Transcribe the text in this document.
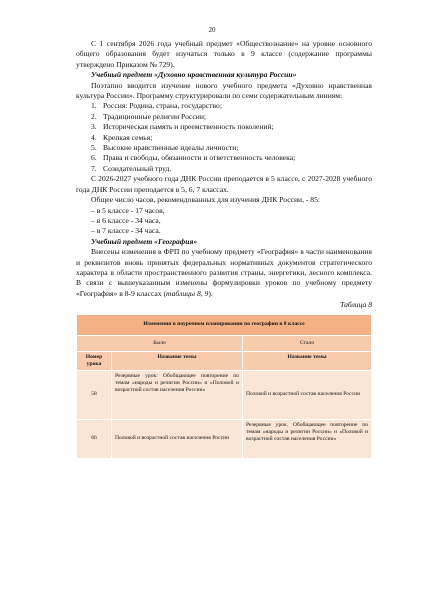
20

С 1 сентября 2026 года учебный предмет «Обществознание» на уровне основного общего образования будет изучаться только в 9 классе (содержание программы утверждено Приказом № 729).

Учебный предмет «Духовно нравственная культура России»

Поэтапно вводится изучение нового учебного предмета «Духовно нравственная культура России». Программу структурировали по семи содержательным линиям:

1. Россия: Родина, страна, государство;
2. Традиционные религии России;
3. Историческая память и преемственность поколений;
4. Крепкая семья;
5. Высокие нравственные идеалы личности;
6. Права и свободы, обязанности и ответственность человека;
7. Созидательный труд.

С 2026-2027 учебного года ДНК России преподается в 5 классе, с 2027-2028 учебного года ДНК России преподается в 5, 6, 7 классах.

Общее число часов, рекомендованных для изучения ДНК России, - 85:

– в 5 классе - 17 часов,

– в 6 классе - 34 часа,

– в 7 классе - 34 часа.

Учебный предмет «География»

Внесены изменения в ФРП по учебному предмету «География» в части наименования и реквизитов вновь принятых федеральных нормативных документов стратегического характера в области пространственного развития страны, энергетики, лесного комплекса. В связи с вышеуказанным изменены формулировки уроков по учебному предмету «География» в 8-9 классах (таблицы 8, 9).

Таблица 8
Изменения в поурочном планировании по географии в 8 классе		
Было		Стало
Номер урока	Название темы	Название темы
58	Резервные урок: Обобщающее повторение по темам «народы и религии России» и «Половой и возрастной состав населения России»	Половой и возрастной состав населения России
66	Половой и возрастной состав населения России	Резервные урок. Обобщающее повторение по темам «народы и религии России» и «Половой и возрастной состав населения России»
